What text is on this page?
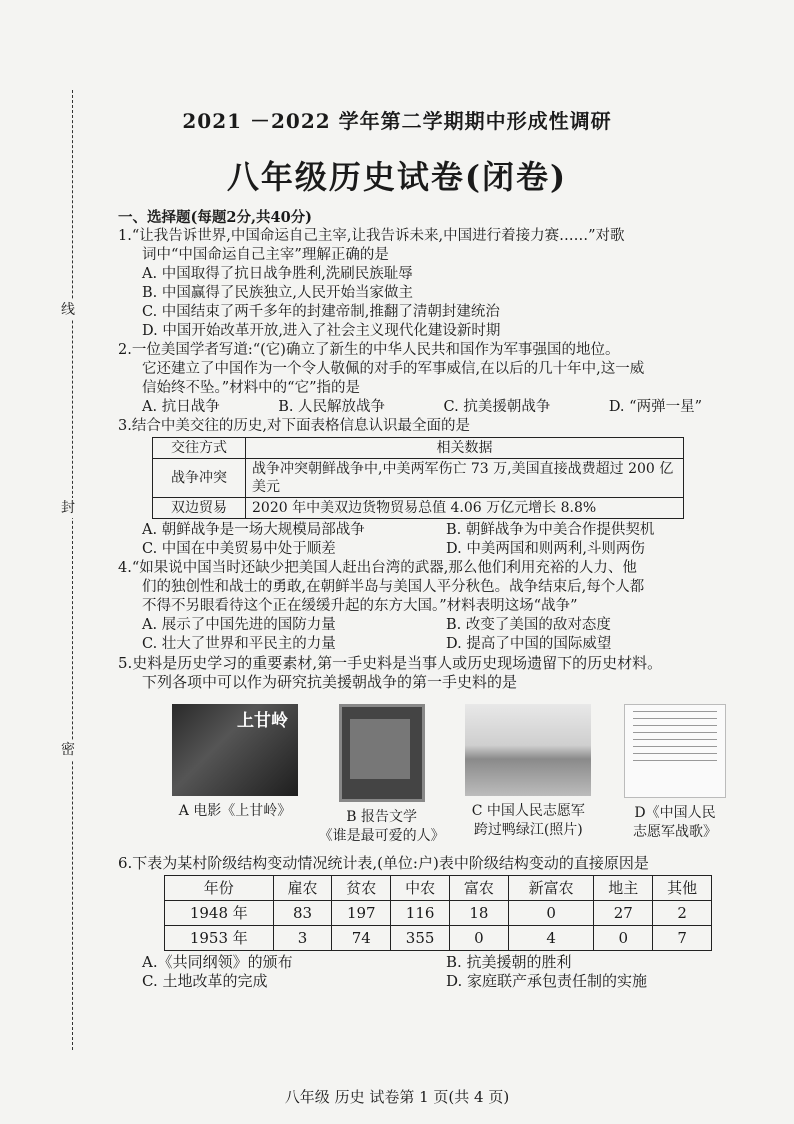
线
封
密
2021 －2022 学年第二学期期中形成性调研
八年级历史试卷(闭卷)
一、选择题(每题2分,共40分)
1.“让我告诉世界,中国命运自己主宰,让我告诉未来,中国进行着接力赛……”对歌
词中“中国命运自己主宰”理解正确的是
A. 中国取得了抗日战争胜利,洗刷民族耻辱
B. 中国赢得了民族独立,人民开始当家做主
C. 中国结束了两千多年的封建帝制,推翻了清朝封建统治
D. 中国开始改革开放,进入了社会主义现代化建设新时期
2.一位美国学者写道:“(它)确立了新生的中华人民共和国作为军事强国的地位。
它还建立了中国作为一个令人敬佩的对手的军事威信,在以后的几十年中,这一威
信始终不坠。”材料中的“它”指的是
A. 抗日战争	B. 人民解放战争	C. 抗美援朝战争	D. “两弹一星”
3.结合中美交往的历史,对下面表格信息认识最全面的是
交往方式	相关数据
战争冲突	战争冲突朝鲜战争中,中美两军伤亡 73 万,美国直接战费超过 200 亿美元
双边贸易	2020 年中美双边货物贸易总值 4.06 万亿元增长 8.8%
A. 朝鲜战争是一场大规模局部战争	B. 朝鲜战争为中美合作提供契机
C. 中国在中美贸易中处于顺差	D. 中美两国和则两利,斗则两伤
4.“如果说中国当时还缺少把美国人赶出台湾的武器,那么他们利用充裕的人力、他
们的独创性和战士的勇敢,在朝鲜半岛与美国人平分秋色。战争结束后,每个人都
不得不另眼看待这个正在缓缓升起的东方大国。”材料表明这场“战争”
A. 展示了中国先进的国防力量	B. 改变了美国的敌对态度
C. 壮大了世界和平民主的力量	D. 提高了中国的国际威望
5.史料是历史学习的重要素材,第一手史料是当事人或历史现场遗留下的历史材料。
下列各项中可以作为研究抗美援朝战争的第一手史料的是
上甘岭
A 电影《上甘岭》	B 报告文学
《谁是最可爱的人》
C 中国人民志愿军
跨过鸭绿江(照片)
D《中国人民
志愿军战歌》
6.下表为某村阶级结构变动情况统计表,(单位:户)表中阶级结构变动的直接原因是
年份	雇农	贫农	中农	富农	新富农	地主	其他
1948 年	83	197	116	18	0	27	2
1953 年	3	74	355	0	4	0	7
A.《共同纲领》的颁布	B. 抗美援朝的胜利
C. 土地改革的完成	D. 家庭联产承包责任制的实施
八年级 历史 试卷第 1 页(共 4 页)
